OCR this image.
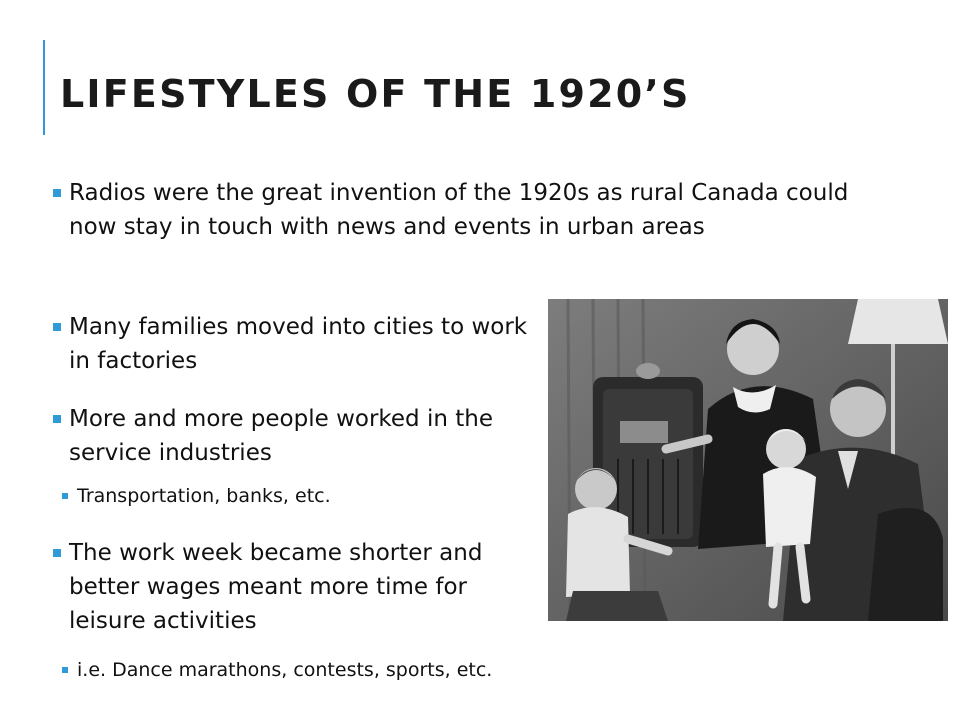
LIFESTYLES OF THE 1920’S
Radios were the great invention of the 1920s as rural Canada could now stay in touch with news and events in urban areas
Many families moved into cities to work in factories
More and more people worked in the service industries
Transportation, banks, etc.
The work week became shorter and better wages meant more time for leisure activities
i.e. Dance marathons, contests, sports, etc.
